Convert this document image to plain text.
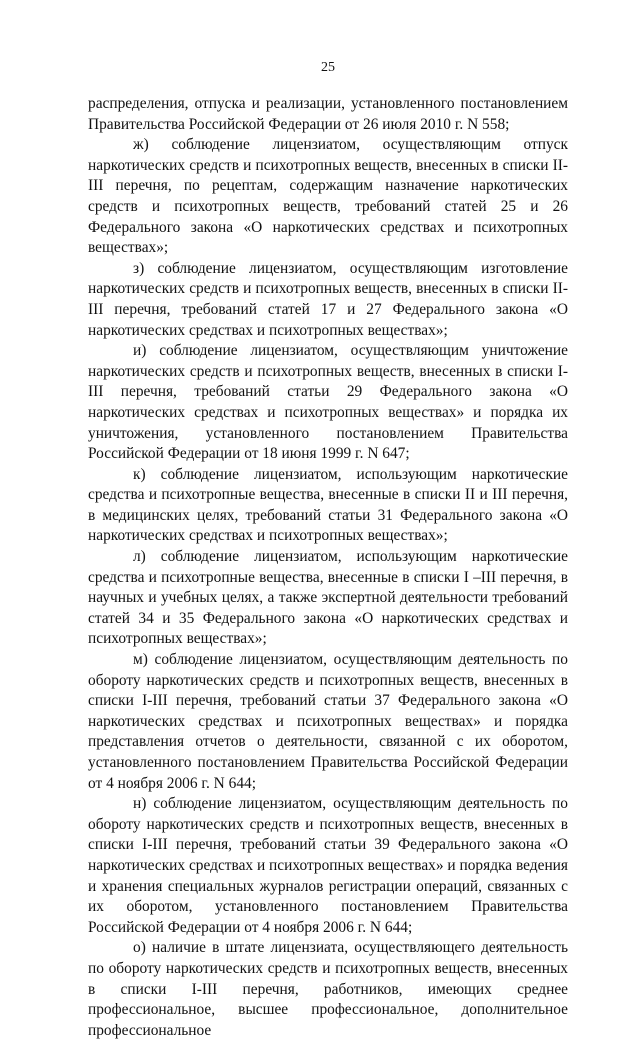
25

распределения, отпуска и реализации, установленного постановлением Правительства Российской Федерации от 26 июля 2010 г. N 558;

ж) соблюдение лицензиатом, осуществляющим отпуск наркотических средств и психотропных веществ, внесенных в списки II-III перечня, по рецептам, содержащим назначение наркотических средств и психотропных веществ, требований статей 25 и 26 Федерального закона «О наркотических средствах и психотропных веществах»;

з) соблюдение лицензиатом, осуществляющим изготовление наркотических средств и психотропных веществ, внесенных в списки II-III перечня, требований статей 17 и 27 Федерального закона «О наркотических средствах и психотропных веществах»;

и) соблюдение лицензиатом, осуществляющим уничтожение наркотических средств и психотропных веществ, внесенных в списки I-III перечня, требований статьи 29 Федерального закона «О наркотических средствах и психотропных веществах» и порядка их уничтожения, установленного постановлением Правительства Российской Федерации от 18 июня 1999 г. N 647;

к) соблюдение лицензиатом, использующим наркотические средства и психотропные вещества, внесенные в списки II и III перечня, в медицинских целях, требований статьи 31 Федерального закона «О наркотических средствах и психотропных веществах»;

л) соблюдение лицензиатом, использующим наркотические средства и психотропные вещества, внесенные в списки I –III перечня, в научных и учебных целях, а также экспертной деятельности требований статей 34 и 35 Федерального закона «О наркотических средствах и психотропных веществах»;

м) соблюдение лицензиатом, осуществляющим деятельность по обороту наркотических средств и психотропных веществ, внесенных в списки I-III перечня, требований статьи 37 Федерального закона «О наркотических средствах и психотропных веществах» и порядка представления отчетов о деятельности, связанной с их оборотом, установленного постановлением Правительства Российской Федерации от 4 ноября 2006 г. N 644;

н) соблюдение лицензиатом, осуществляющим деятельность по обороту наркотических средств и психотропных веществ, внесенных в списки I-III перечня, требований статьи 39 Федерального закона «О наркотических средствах и психотропных веществах» и порядка ведения и хранения специальных журналов регистрации операций, связанных с их оборотом, установленного постановлением Правительства Российской Федерации от 4 ноября 2006 г. N 644;

о) наличие в штате лицензиата, осуществляющего деятельность по обороту наркотических средств и психотропных веществ, внесенных в списки I-III перечня, работников, имеющих среднее профессиональное, высшее профессиональное, дополнительное профессиональное
